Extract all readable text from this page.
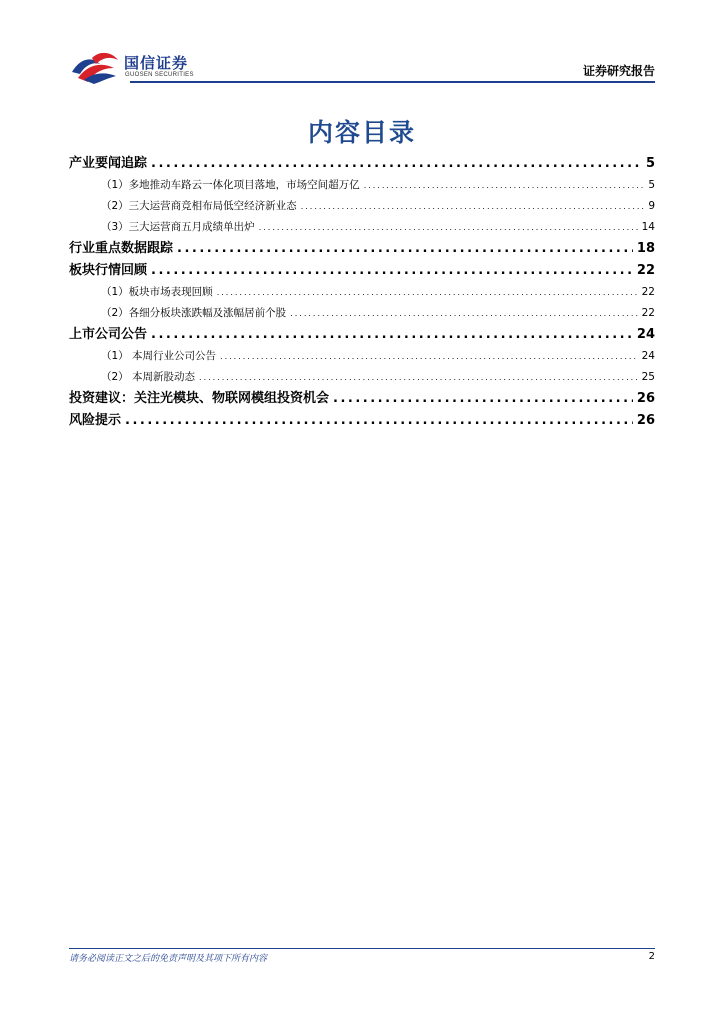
国信证券
GUOSEN SECURITIES	证券研究报告
内容目录
产业要闻追踪 .....	5
（1）多地推动车路云一体化项目落地，市场空间超万亿 .....	5
（2）三大运营商竞相布局低空经济新业态 .....	9
（3）三大运营商五月成绩单出炉 .....	14
行业重点数据跟踪 .....	18
板块行情回顾 .....	22
（1）板块市场表现回顾 .....	22
（2）各细分板块涨跌幅及涨幅居前个股 .....	22
上市公司公告 .....	24
（1） 本周行业公司公告 .....	24
（2） 本周新股动态 .....	25
投资建议：关注光模块、物联网模组投资机会 .....	26
风险提示 .....	26
请务必阅读正文之后的免责声明及其项下所有内容	2
